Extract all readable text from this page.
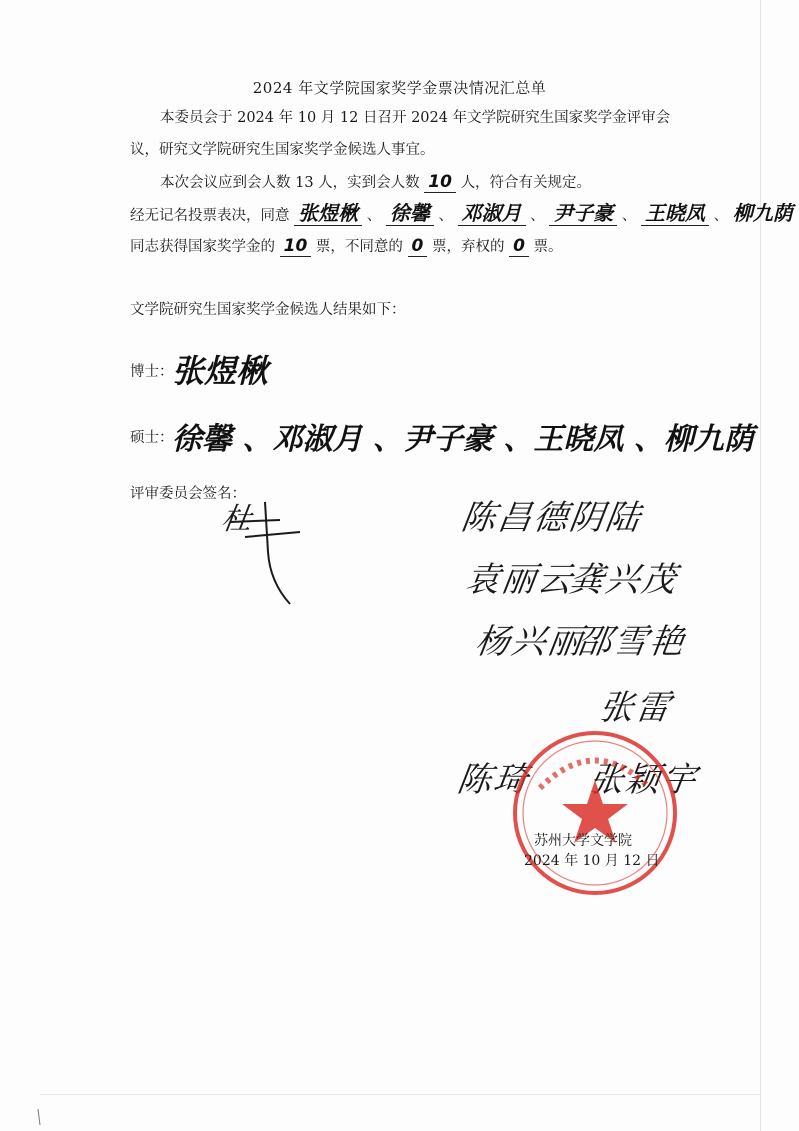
2024 年文学院国家奖学金票决情况汇总单
本委员会于 2024 年 10 月 12 日召开 2024 年文学院研究生国家奖学金评审会
议，研究文学院研究生国家奖学金候选人事宜。
本次会议应到会人数 13 人，实到会人数 10 人，符合有关规定。
经无记名投票表决，同意 张煜楸 、 徐馨 、 邓淑月 、 尹子豪 、 王晓凤 、 柳九荫
同志获得国家奖学金的 10 票，不同意的 0 票，弃权的 0 票。
文学院研究生国家奖学金候选人结果如下：
博士：
张煜楸
硕士：
徐馨 、邓淑月 、尹子豪 、王晓凤 、柳九荫
评审委员会签名：
杜	陈昌德
阴陆
袁丽云
龚兴茂
杨兴丽
邵雪艳
张雷
陈琦 张颖宇
苏州大学文学院
2024 年 10 月 12 日
